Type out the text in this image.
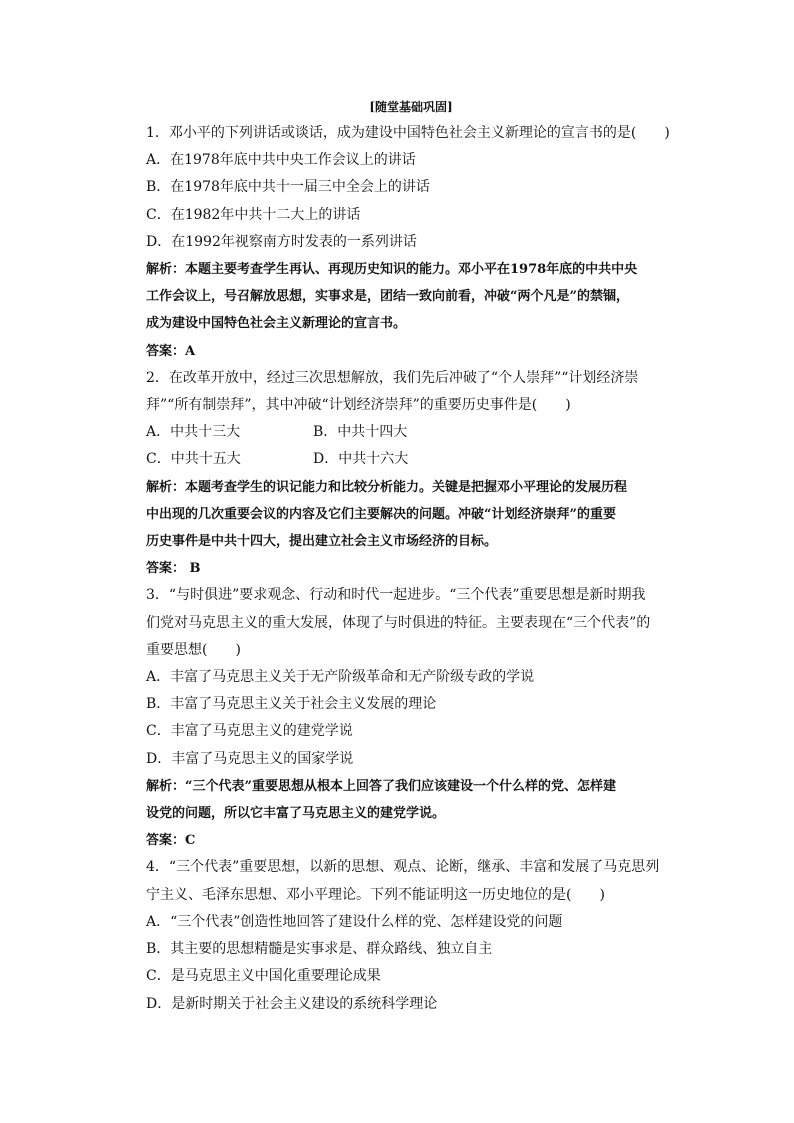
[随堂基础巩固]

1．邓小平的下列讲话或谈话，成为建设中国特色社会主义新理论的宣言书的是(　　)

A．在1978年底中共中央工作会议上的讲话

B．在1978年底中共十一届三中全会上的讲话

C．在1982年中共十二大上的讲话

D．在1992年视察南方时发表的一系列讲话

解析：本题主要考查学生再认、再现历史知识的能力。邓小平在1978年底的中共中央

工作会议上，号召解放思想，实事求是，团结一致向前看，冲破“两个凡是”的禁锢，

成为建设中国特色社会主义新理论的宣言书。

答案：A

2．在改革开放中，经过三次思想解放，我们先后冲破了“个人崇拜”“计划经济崇

拜”“所有制崇拜”，其中冲破“计划经济崇拜”的重要历史事件是(　　)

A．中共十三大	B．中共十四大
C．中共十五大	D．中共十六大

解析：本题考查学生的识记能力和比较分析能力。关键是把握邓小平理论的发展历程

中出现的几次重要会议的内容及它们主要解决的问题。冲破“计划经济崇拜”的重要

历史事件是中共十四大，提出建立社会主义市场经济的目标。

答案： B

3．“与时俱进”要求观念、行动和时代一起进步。“三个代表”重要思想是新时期我

们党对马克思主义的重大发展，体现了与时俱进的特征。主要表现在“三个代表”的

重要思想(　　)

A．丰富了马克思主义关于无产阶级革命和无产阶级专政的学说

B．丰富了马克思主义关于社会主义发展的理论

C．丰富了马克思主义的建党学说

D．丰富了马克思主义的国家学说

解析：“三个代表”重要思想从根本上回答了我们应该建设一个什么样的党、怎样建

设党的问题，所以它丰富了马克思主义的建党学说。

答案：C

4．“三个代表”重要思想，以新的思想、观点、论断，继承、丰富和发展了马克思列

宁主义、毛泽东思想、邓小平理论。下列不能证明这一历史地位的是(　　)

A．“三个代表”创造性地回答了建设什么样的党、怎样建设党的问题

B．其主要的思想精髓是实事求是、群众路线、独立自主

C．是马克思主义中国化重要理论成果

D．是新时期关于社会主义建设的系统科学理论
